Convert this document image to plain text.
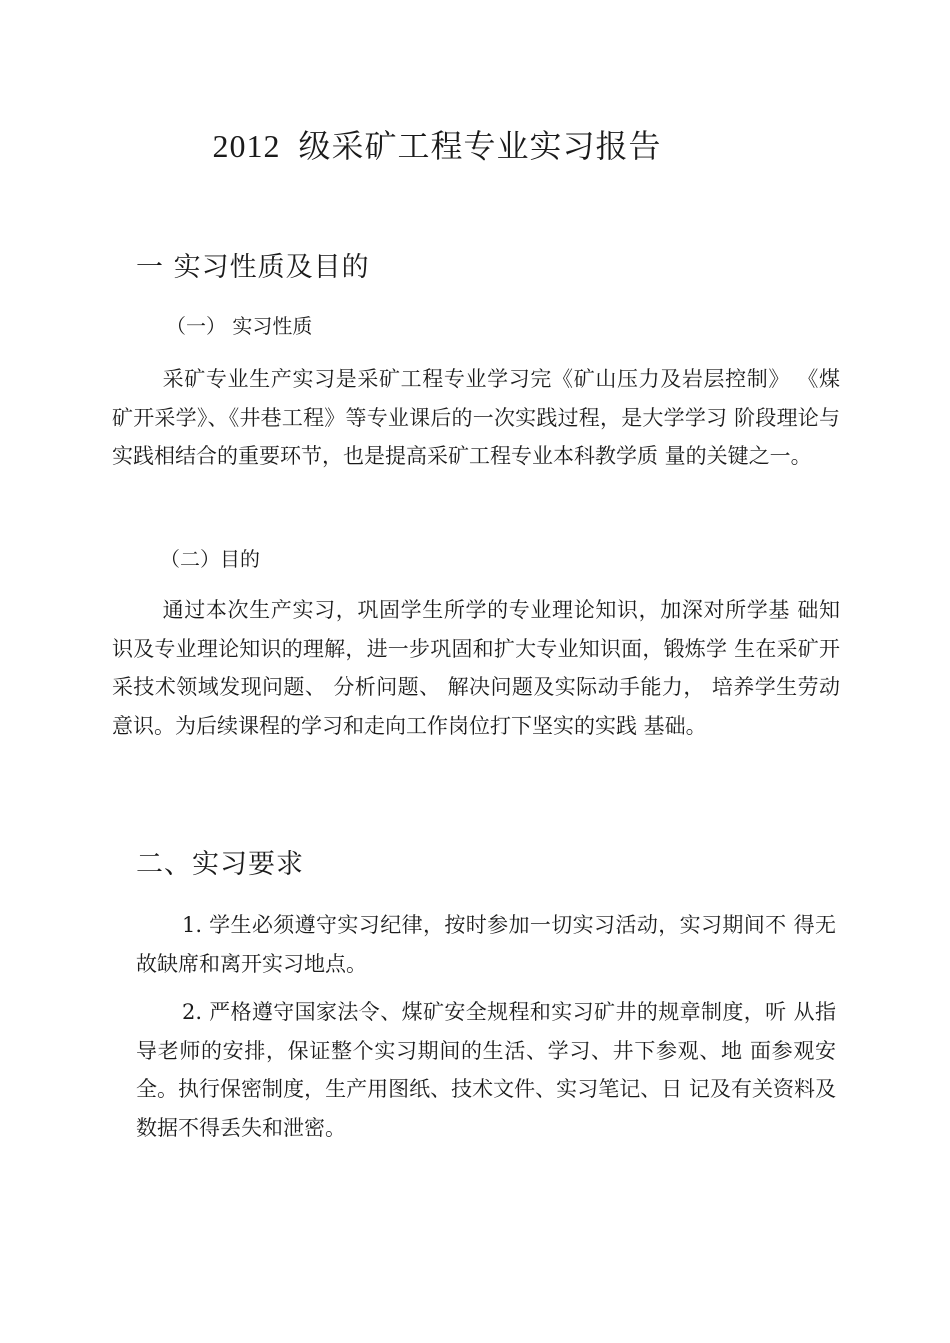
2012 级采矿工程专业实习报告
一 实习性质及目的
（一） 实习性质
采矿专业生产实习是采矿工程专业学习完《矿山压力及岩层控制》 《煤矿开采学》、《井巷工程》等专业课后的一次实践过程，是大学学习 阶段理论与实践相结合的重要环节，也是提高采矿工程专业本科教学质 量的关键之一。
（二）目的
通过本次生产实习，巩固学生所学的专业理论知识，加深对所学基 础知识及专业理论知识的理解，进一步巩固和扩大专业知识面，锻炼学 生在采矿开采技术领域发现问题、 分析问题、 解决问题及实际动手能力， 培养学生劳动意识。为后续课程的学习和走向工作岗位打下坚实的实践 基础。
二、实习要求
1. 学生必须遵守实习纪律，按时参加一切实习活动，实习期间不 得无故缺席和离开实习地点。
2. 严格遵守国家法令、煤矿安全规程和实习矿井的规章制度，听 从指导老师的安排，保证整个实习期间的生活、学习、井下参观、地 面参观安全。执行保密制度，生产用图纸、技术文件、实习笔记、日 记及有关资料及数据不得丢失和泄密。
